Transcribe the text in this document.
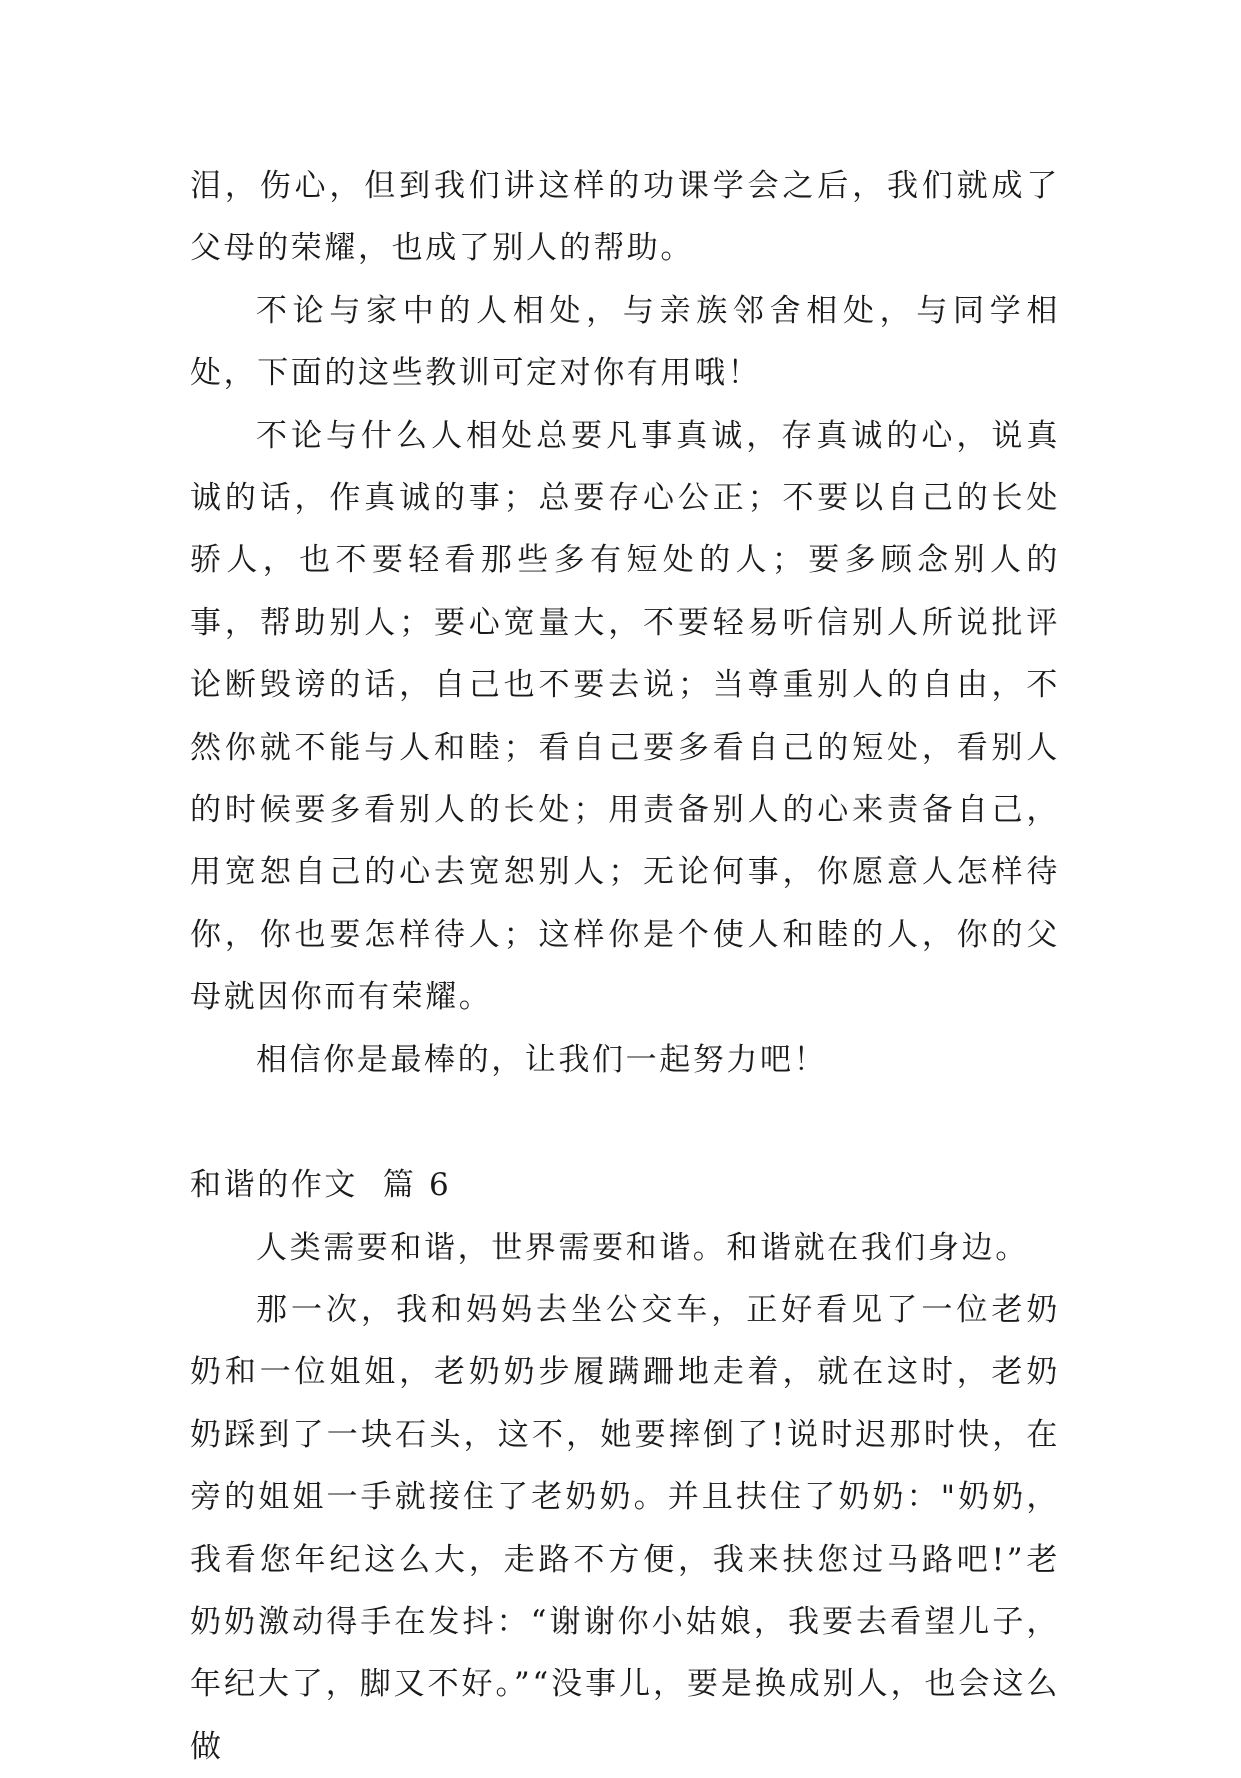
泪，伤心，但到我们讲这样的功课学会之后，我们就成了父母的荣耀，也成了别人的帮助。

不论与家中的人相处，与亲族邻舍相处，与同学相处，下面的这些教训可定对你有用哦！

不论与什么人相处总要凡事真诚，存真诚的心，说真诚的话，作真诚的事；总要存心公正；不要以自己的长处骄人，也不要轻看那些多有短处的人；要多顾念别人的事，帮助别人；要心宽量大，不要轻易听信别人所说批评论断毁谤的话，自己也不要去说；当尊重别人的自由，不然你就不能与人和睦；看自己要多看自己的短处，看别人的时候要多看别人的长处；用责备别人的心来责备自己，用宽恕自己的心去宽恕别人；无论何事，你愿意人怎样待你，你也要怎样待人；这样你是个使人和睦的人，你的父母就因你而有荣耀。

相信你是最棒的，让我们一起努力吧！

和谐的作文  篇 6

人类需要和谐，世界需要和谐。和谐就在我们身边。

那一次，我和妈妈去坐公交车，正好看见了一位老奶奶和一位姐姐，老奶奶步履蹒跚地走着，就在这时，老奶奶踩到了一块石头，这不，她要摔倒了!说时迟那时快，在旁的姐姐一手就接住了老奶奶。并且扶住了奶奶："奶奶，我看您年纪这么大，走路不方便，我来扶您过马路吧!”老奶奶激动得手在发抖：“谢谢你小姑娘，我要去看望儿子，年纪大了，脚又不好。”“没事儿，要是换成别人，也会这么做
